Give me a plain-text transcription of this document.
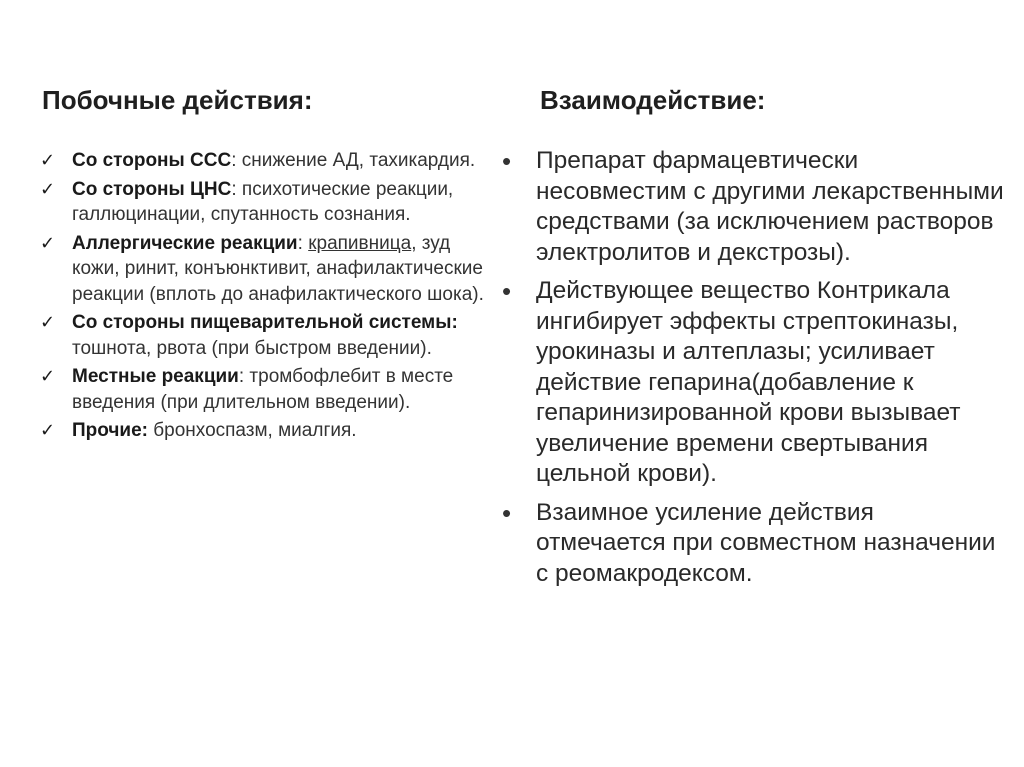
Побочные действия:	Взаимодействие:
✓ Со стороны ССС: снижение АД, тахикардия.
✓ Со стороны ЦНС: психотические реакции, галлюцинации, спутанность сознания.
✓ Аллергические реакции: крапивница, зуд кожи, ринит, конъюнктивит, анафилактические реакции (вплоть до анафилактического шока).
✓ Со стороны пищеварительной системы: тошнота, рвота (при быстром введении).
✓ Местные реакции: тромбофлебит в месте введения (при длительном введении).
✓ Прочие: бронхоспазм, миалгия.
• Препарат фармацевтически несовместим с другими лекарственными средствами (за исключением растворов электролитов и декстрозы).
• Действующее вещество Контрикала ингибирует эффекты стрептокиназы, урокиназы и алтеплазы; усиливает действие гепарина(добавление к гепаринизированной крови вызывает увеличение времени свертывания цельной крови).
• Взаимное усиление действия отмечается при совместном назначении с реомакродексом.
